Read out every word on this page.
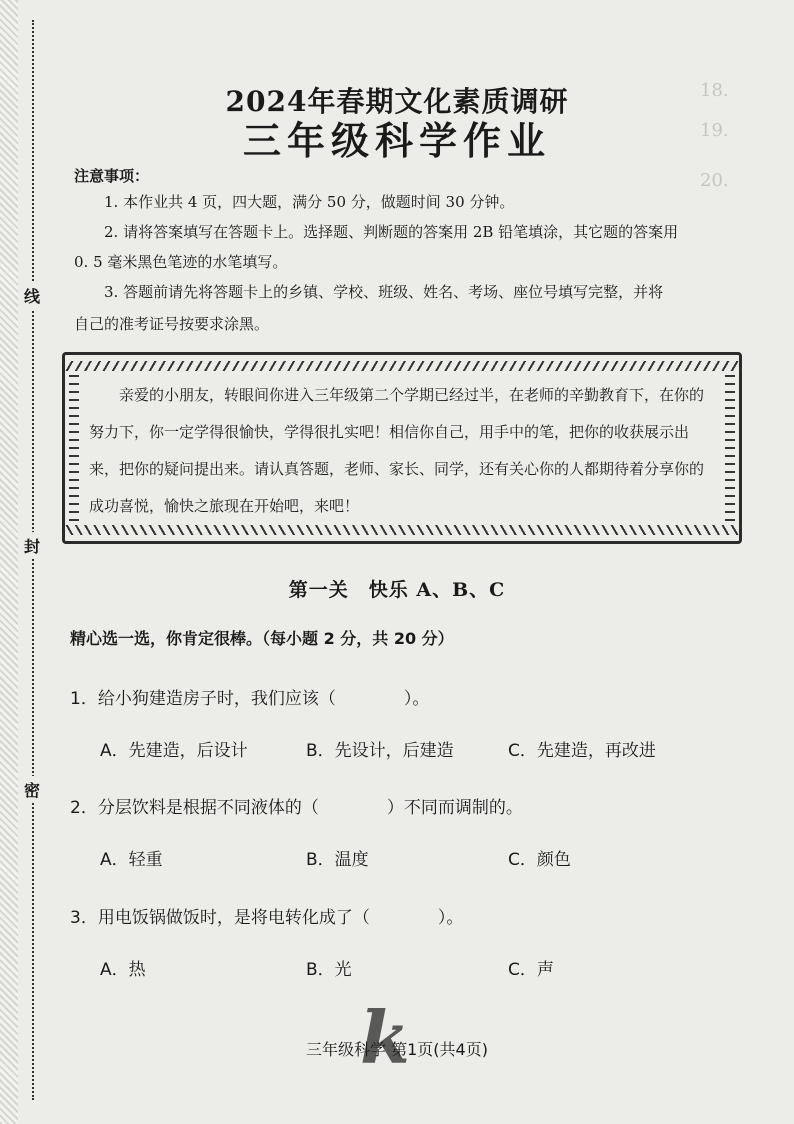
线
封
密
18.
19.
20.
2024年春期文化素质调研
三年级科学作业
注意事项：
1. 本作业共 4 页，四大题，满分 50 分，做题时间 30 分钟。
2. 请将答案填写在答题卡上。选择题、判断题的答案用 2B 铅笔填涂，其它题的答案用
0. 5 毫米黑色笔迹的水笔填写。
3. 答题前请先将答题卡上的乡镇、学校、班级、姓名、考场、座位号填写完整，并将
自己的准考证号按要求涂黑。
亲爱的小朋友，转眼间你进入三年级第二个学期已经过半，在老师的辛勤教育下，在你的努力下，你一定学得很愉快，学得很扎实吧！相信你自己，用手中的笔，把你的收获展示出来，把你的疑问提出来。请认真答题，老师、家长、同学，还有关心你的人都期待着分享你的成功喜悦，愉快之旅现在开始吧，来吧！
第一关　快乐 A、B、C
精心选一选，你肯定很棒。（每小题 2 分，共 20 分）
1．给小狗建造房子时，我们应该（　　　　）。
A．先建造，后设计	B．先设计，后建造	C．先建造，再改进
2．分层饮料是根据不同液体的（　　　　）不同而调制的。
A．轻重	B．温度	C．颜色
3．用电饭锅做饭时，是将电转化成了（　　　　）。
A．热	B．光	C．声
k
三年级科学 第1页(共4页)
